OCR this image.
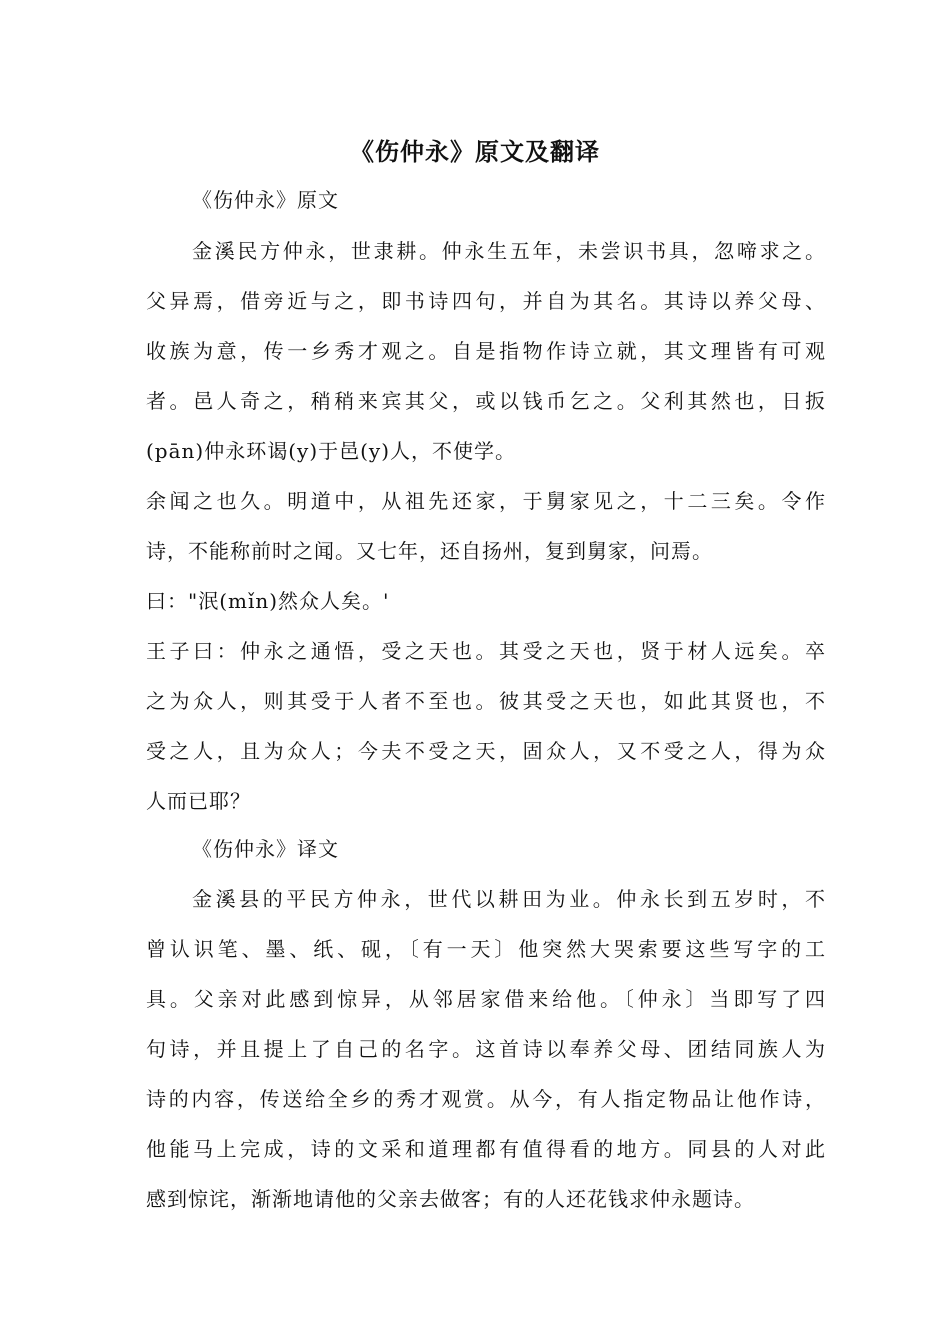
《伤仲永》原文及翻译
《伤仲永》原文
金溪民方仲永，世隶耕。仲永生五年，未尝识书具，忽啼求之。
父异焉，借旁近与之，即书诗四句，并自为其名。其诗以养父母、
收族为意，传一乡秀才观之。自是指物作诗立就，其文理皆有可观
者。邑人奇之，稍稍来宾其父，或以钱币乞之。父利其然也，日扳
(pān)仲永环谒(y)于邑(y)人，不使学。
余闻之也久。明道中，从祖先还家，于舅家见之，十二三矣。令作
诗，不能称前时之闻。又七年，还自扬州，复到舅家，问焉。
曰："泯(mǐn)然众人矣。'
王子曰：仲永之通悟，受之天也。其受之天也，贤于材人远矣。卒
之为众人，则其受于人者不至也。彼其受之天也，如此其贤也，不
受之人，且为众人；今夫不受之天，固众人，又不受之人，得为众
人而已耶？
《伤仲永》译文
金溪县的平民方仲永，世代以耕田为业。仲永长到五岁时，不
曾认识笔、墨、纸、砚，〔有一天〕他突然大哭索要这些写字的工
具。父亲对此感到惊异，从邻居家借来给他。〔仲永〕当即写了四
句诗，并且提上了自己的名字。这首诗以奉养父母、团结同族人为
诗的内容，传送给全乡的秀才观赏。从今，有人指定物品让他作诗，
他能马上完成，诗的文采和道理都有值得看的地方。同县的人对此
感到惊诧，渐渐地请他的父亲去做客；有的人还花钱求仲永题诗。
